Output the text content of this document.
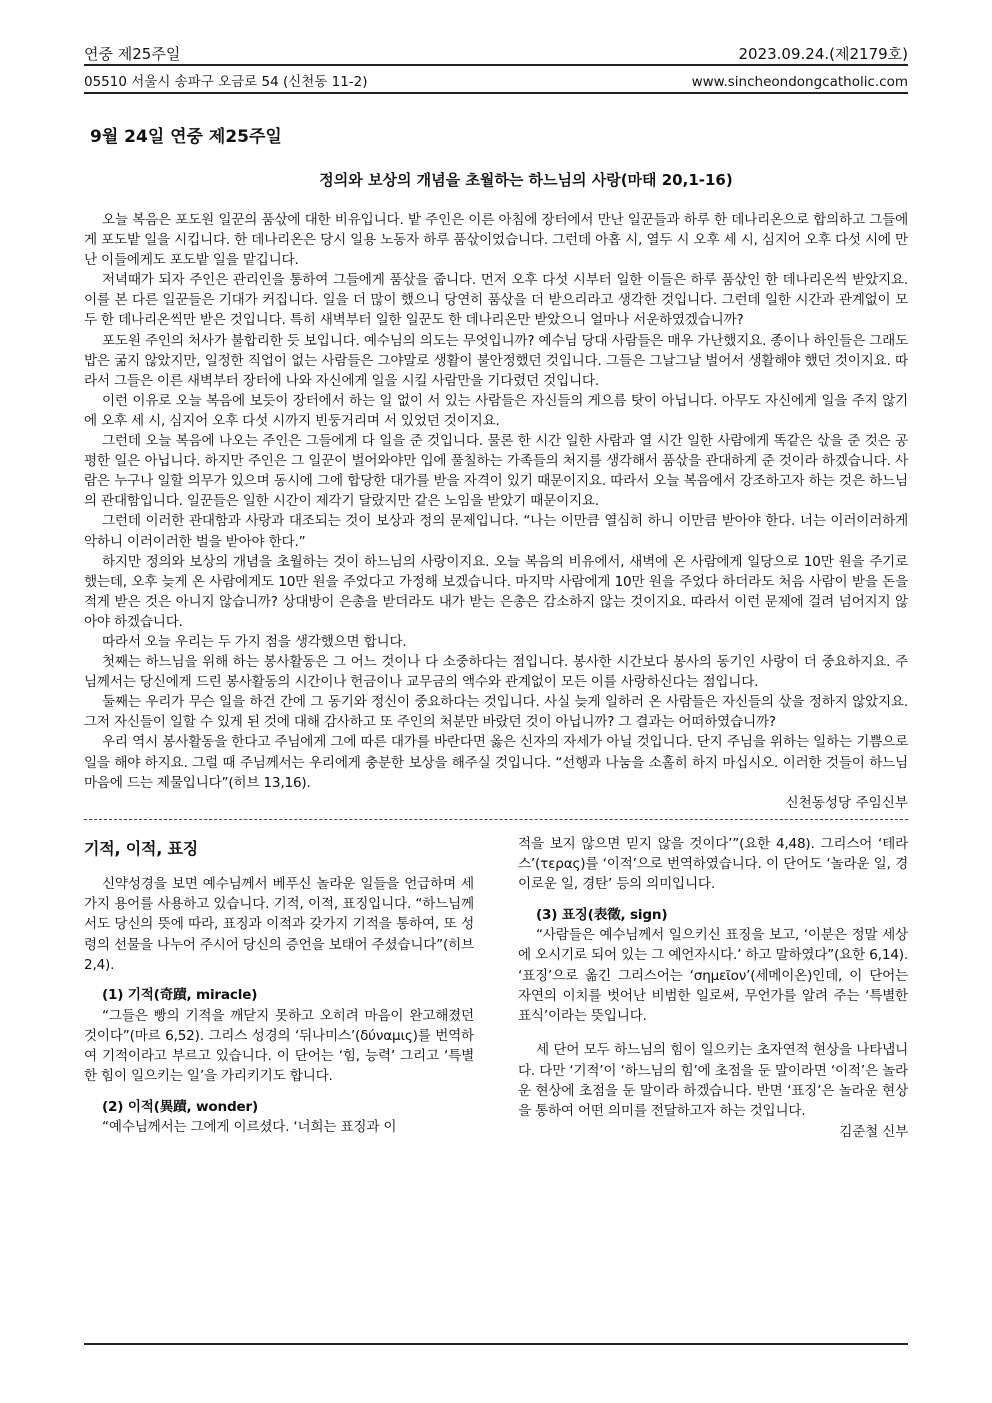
연중 제25주일	2023.09.24.(제2179호)
05510 서울시 송파구 오금로 54 (신천동 11-2)	www.sincheondongcatholic.com
9월 24일 연중 제25주일
정의와 보상의 개념을 초월하는 하느님의 사랑(마태 20,1-16)

오늘 복음은 포도원 일꾼의 품삯에 대한 비유입니다. 밭 주인은 이른 아침에 장터에서 만난 일꾼들과 하루 한 데나리온으로 합의하고 그들에게 포도밭 일을 시킵니다. 한 데나리온은 당시 일용 노동자 하루 품삯이었습니다. 그런데 아홉 시, 열두 시 오후 세 시, 심지어 오후 다섯 시에 만난 이들에게도 포도밭 일을 맡깁니다.

저녁때가 되자 주인은 관리인을 통하여 그들에게 품삯을 줍니다. 먼저 오후 다섯 시부터 일한 이들은 하루 품삯인 한 데나리온씩 받았지요. 이를 본 다른 일꾼들은 기대가 커집니다. 일을 더 많이 했으니 당연히 품삯을 더 받으리라고 생각한 것입니다. 그런데 일한 시간과 관계없이 모두 한 데나리온씩만 받은 것입니다. 특히 새벽부터 일한 일꾼도 한 데나리온만 받았으니 얼마나 서운하였겠습니까?

포도원 주인의 처사가 불합리한 듯 보입니다. 예수님의 의도는 무엇입니까? 예수님 당대 사람들은 매우 가난했지요. 종이나 하인들은 그래도 밥은 굶지 않았지만, 일정한 직업이 없는 사람들은 그야말로 생활이 불안정했던 것입니다. 그들은 그날그날 벌어서 생활해야 했던 것이지요. 따라서 그들은 이른 새벽부터 장터에 나와 자신에게 일을 시킬 사람만을 기다렸던 것입니다.

이런 이유로 오늘 복음에 보듯이 장터에서 하는 일 없이 서 있는 사람들은 자신들의 게으름 탓이 아닙니다. 아무도 자신에게 일을 주지 않기에 오후 세 시, 심지어 오후 다섯 시까지 빈둥거리며 서 있었던 것이지요.

그런데 오늘 복음에 나오는 주인은 그들에게 다 일을 준 것입니다. 물론 한 시간 일한 사람과 열 시간 일한 사람에게 똑같은 삯을 준 것은 공평한 일은 아닙니다. 하지만 주인은 그 일꾼이 벌어와야만 입에 풀칠하는 가족들의 처지를 생각해서 품삯을 관대하게 준 것이라 하겠습니다. 사람은 누구나 일할 의무가 있으며 동시에 그에 합당한 대가를 받을 자격이 있기 때문이지요. 따라서 오늘 복음에서 강조하고자 하는 것은 하느님의 관대함입니다. 일꾼들은 일한 시간이 제각기 달랐지만 같은 노임을 받았기 때문이지요.

그런데 이러한 관대함과 사랑과 대조되는 것이 보상과 정의 문제입니다. “나는 이만큼 열심히 하니 이만큼 받아야 한다. 너는 이러이러하게 악하니 이러이러한 벌을 받아야 한다.”

하지만 정의와 보상의 개념을 초월하는 것이 하느님의 사랑이지요. 오늘 복음의 비유에서, 새벽에 온 사람에게 일당으로 10만 원을 주기로 했는데, 오후 늦게 온 사람에게도 10만 원을 주었다고 가정해 보겠습니다. 마지막 사람에게 10만 원을 주었다 하더라도 처음 사람이 받을 돈을 적게 받은 것은 아니지 않습니까? 상대방이 은총을 받더라도 내가 받는 은총은 감소하지 않는 것이지요. 따라서 이런 문제에 걸려 넘어지지 않아야 하겠습니다.

따라서 오늘 우리는 두 가지 점을 생각했으면 합니다.

첫째는 하느님을 위해 하는 봉사활동은 그 어느 것이나 다 소중하다는 점입니다. 봉사한 시간보다 봉사의 동기인 사랑이 더 중요하지요. 주님께서는 당신에게 드린 봉사활동의 시간이나 헌금이나 교무금의 액수와 관계없이 모든 이를 사랑하신다는 점입니다.

둘째는 우리가 무슨 일을 하건 간에 그 동기와 정신이 중요하다는 것입니다. 사실 늦게 일하러 온 사람들은 자신들의 삯을 정하지 않았지요. 그저 자신들이 일할 수 있게 된 것에 대해 감사하고 또 주인의 처분만 바랐던 것이 아닙니까? 그 결과는 어떠하였습니까?

우리 역시 봉사활동을 한다고 주님에게 그에 따른 대가를 바란다면 옳은 신자의 자세가 아닐 것입니다. 단지 주님을 위하는 일하는 기쁨으로 일을 해야 하지요. 그럴 때 주님께서는 우리에게 충분한 보상을 해주실 것입니다. “선행과 나눔을 소홀히 하지 마십시오. 이러한 것들이 하느님 마음에 드는 제물입니다”(히브 13,16).

신천동성당 주임신부

기적, 이적, 표징

신약성경을 보면 예수님께서 베푸신 놀라운 일들을 언급하며 세 가지 용어를 사용하고 있습니다. 기적, 이적, 표징입니다. “하느님께서도 당신의 뜻에 따라, 표징과 이적과 갖가지 기적을 통하여, 또 성령의 선물을 나누어 주시어 당신의 증언을 보태어 주셨습니다”(히브 2,4).

(1) 기적(奇蹟, miracle)

“그들은 빵의 기적을 깨닫지 못하고 오히려 마음이 완고해졌던 것이다”(마르 6,52). 그리스 성경의 ‘뒤나미스’(δύναμις)를 번역하여 기적이라고 부르고 있습니다. 이 단어는 ‘힘, 능력’ 그리고 ‘특별한 힘이 일으키는 일’을 가리키기도 합니다.

(2) 이적(異蹟, wonder)

“예수님께서는 그에게 이르셨다. ‘너희는 표징과 이

적을 보지 않으면 믿지 않을 것이다’”(요한 4,48). 그리스어 ‘테라스’(τερας)를 ‘이적’으로 번역하였습니다. 이 단어도 ‘놀라운 일, 경이로운 일, 경탄’ 등의 의미입니다.

(3) 표징(表徵, sign)

“사람들은 예수님께서 일으키신 표징을 보고, ‘이분은 정말 세상에 오시기로 되어 있는 그 예언자시다.’ 하고 말하였다”(요한 6,14). ‘표징’으로 옮긴 그리스어는 ‘σημεῖον’(세메이온)인데, 이 단어는 자연의 이치를 벗어난 비범한 일로써, 무언가를 알려 주는 ‘특별한 표식’이라는 뜻입니다.

세 단어 모두 하느님의 힘이 일으키는 초자연적 현상을 나타냅니다. 다만 ‘기적’이 ‘하느님의 힘’에 초점을 둔 말이라면 ‘이적’은 놀라운 현상에 초점을 둔 말이라 하겠습니다. 반면 ‘표징’은 놀라운 현상을 통하여 어떤 의미를 전달하고자 하는 것입니다.

김준철 신부
